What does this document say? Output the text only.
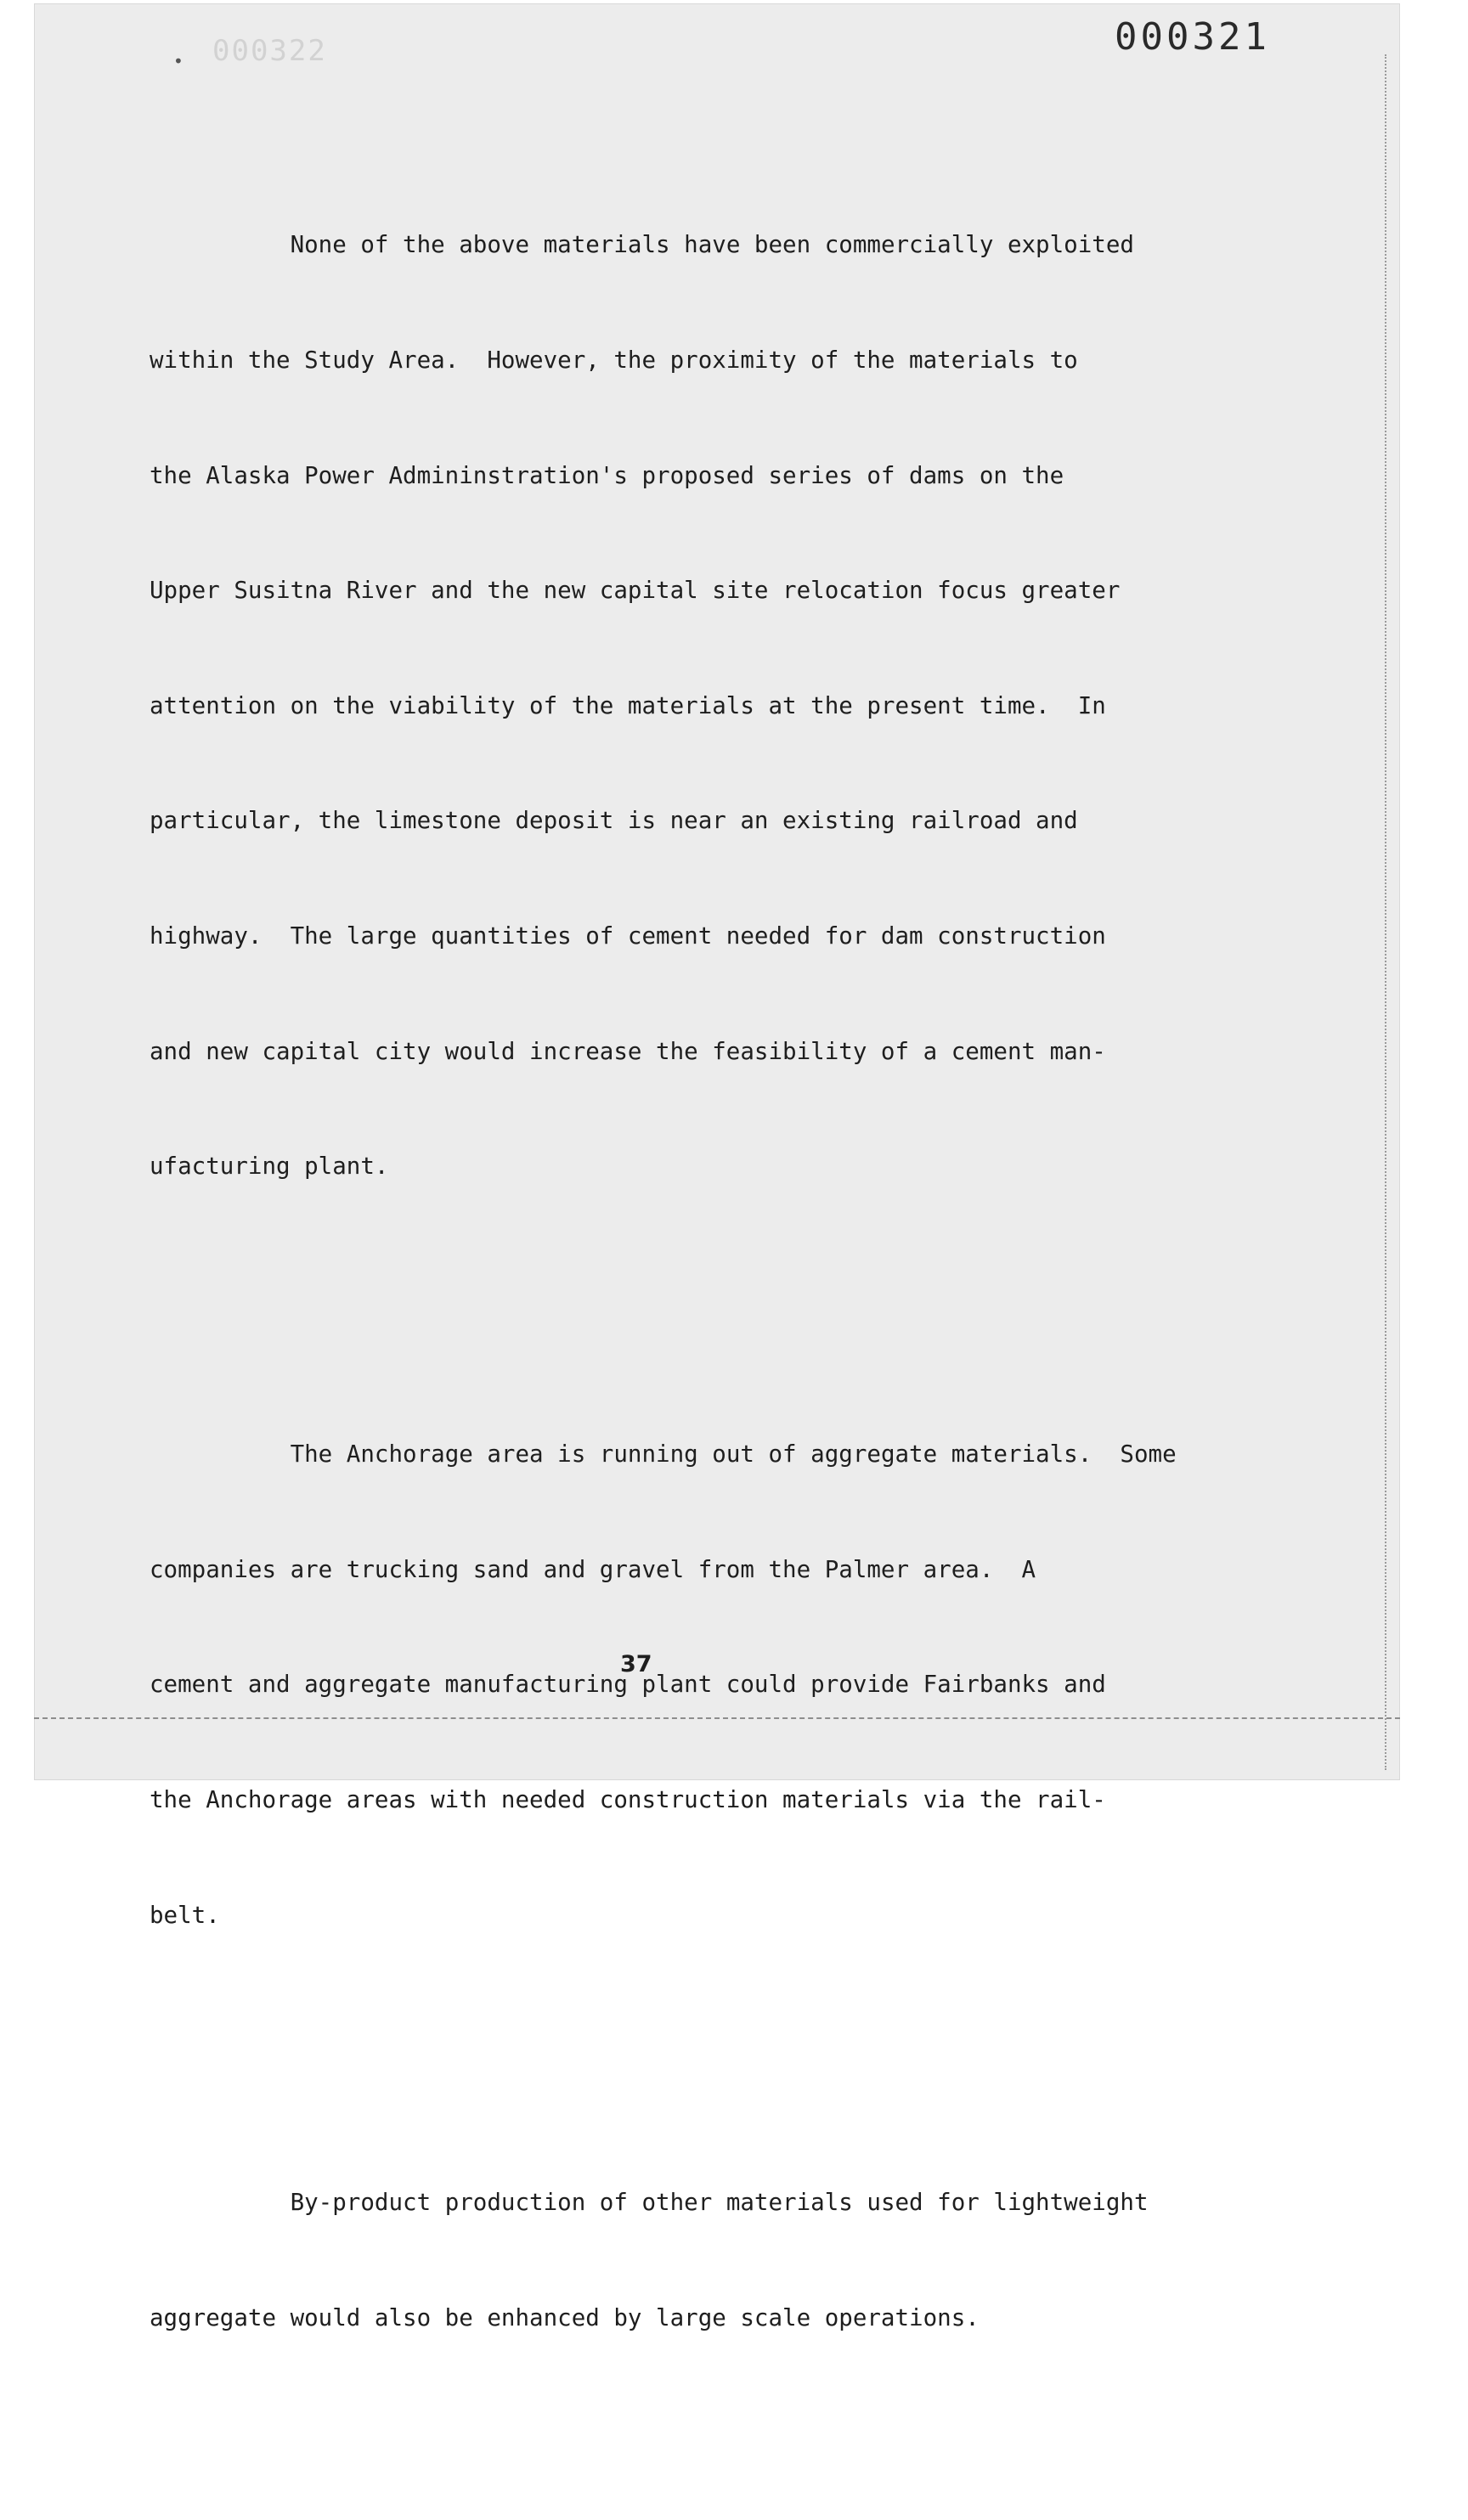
000322
•
000321

None of the above materials have been commercially exploited

within the Study Area.  However, the proximity of the materials to

the Alaska Power Admininstration's proposed series of dams on the

Upper Susitna River and the new capital site relocation focus greater

attention on the viability of the materials at the present time.  In

particular, the limestone deposit is near an existing railroad and

highway.  The large quantities of cement needed for dam construction

and new capital city would increase the feasibility of a cement man-

ufacturing plant.

The Anchorage area is running out of aggregate materials.  Some

companies are trucking sand and gravel from the Palmer area.  A

cement and aggregate manufacturing plant could provide Fairbanks and

the Anchorage areas with needed construction materials via the rail-

belt.

By-product production of other materials used for lightweight

aggregate would also be enhanced by large scale operations.

37
